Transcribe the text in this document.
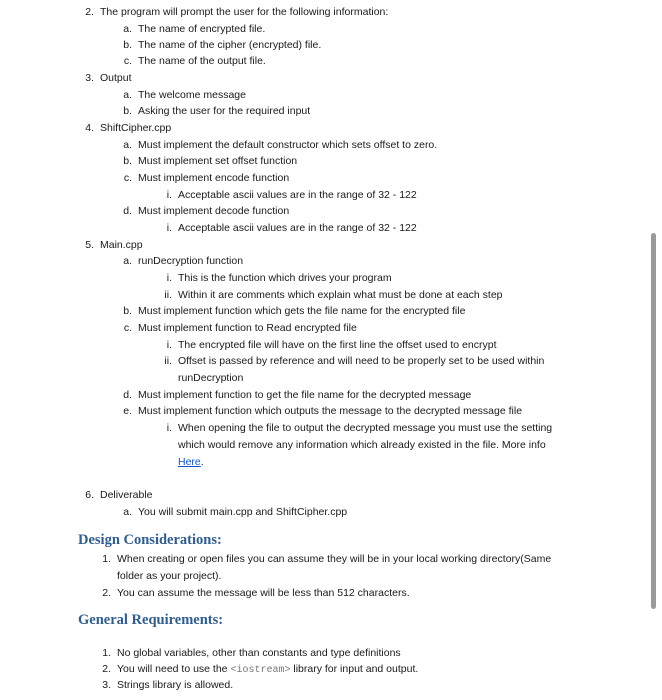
2. The program will prompt the user for the following information:
a. The name of encrypted file.
b. The name of the cipher (encrypted) file.
c. The name of the output file.
3. Output
a. The welcome message
b. Asking the user for the required input
4. ShiftCipher.cpp
a. Must implement the default constructor which sets offset to zero.
b. Must implement set offset function
c. Must implement encode function
i. Acceptable ascii values are in the range of 32 - 122
d. Must implement decode function
i. Acceptable ascii values are in the range of 32 - 122
5. Main.cpp
a. runDecryption function
i. This is the function which drives your program
ii. Within it are comments which explain what must be done at each step
b. Must implement function which gets the file name for the encrypted file
c. Must implement function to Read encrypted file
i. The encrypted file will have on the first line the offset used to encrypt
ii. Offset is passed by reference and will need to be properly set to be used within
runDecryption
d. Must implement function to get the file name for the decrypted message
e. Must implement function which outputs the message to the decrypted message file
i. When opening the file to output the decrypted message you must use the setting
which would remove any information which already existed in the file. More info
Here.
6. Deliverable
a. You will submit main.cpp and ShiftCipher.cpp
Design Considerations:
1. When creating or open files you can assume they will be in your local working directory(Same
folder as your project).
2. You can assume the message will be less than 512 characters.
General Requirements:
1. No global variables, other than constants and type definitions
2. You will need to use the <iostream> library for input and output.
3. Strings library is allowed.
